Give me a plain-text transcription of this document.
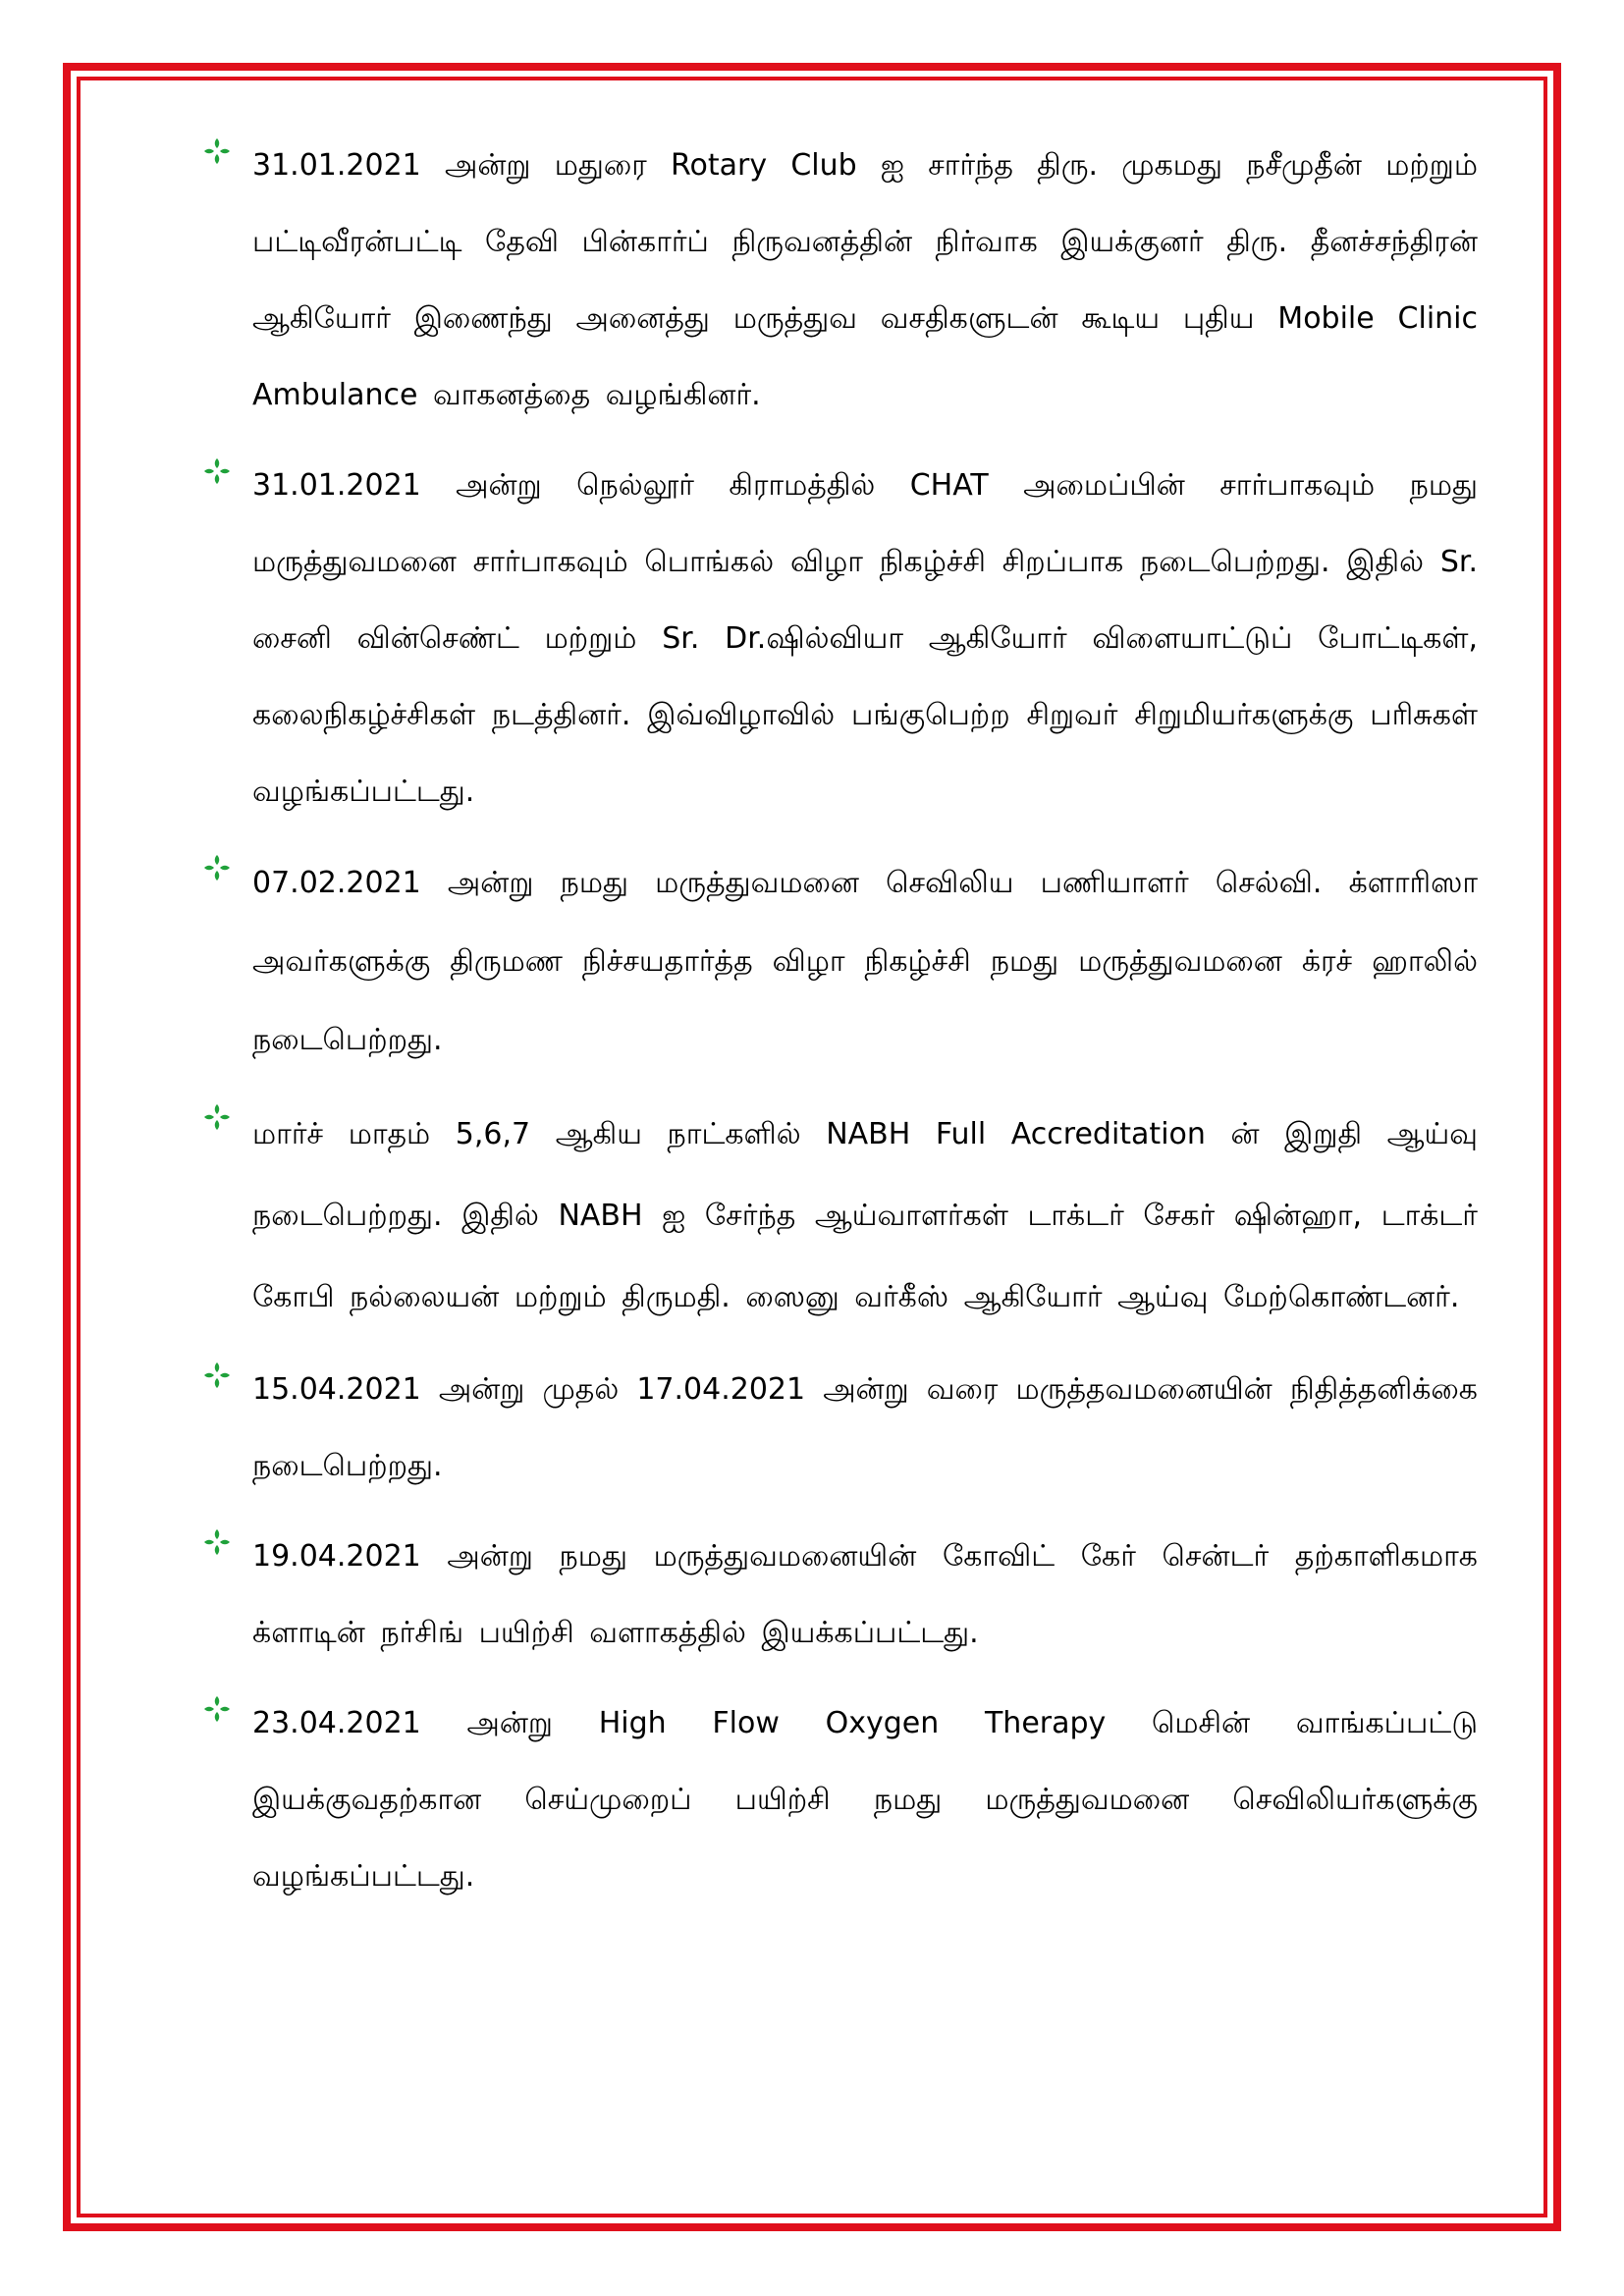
31.01.2021 அன்று மதுரை Rotary Club ஐ சார்ந்த திரு. முகமது நசீமுதீன் மற்றும் பட்டிவீரன்பட்டி தேவி பின்கார்ப் நிருவனத்தின் நிர்வாக இயக்குனர் திரு. தீனச்சந்திரன் ஆகியோர் இணைந்து அனைத்து மருத்துவ வசதிகளுடன் கூடிய புதிய Mobile Clinic Ambulance வாகனத்தை வழங்கினர்.
31.01.2021 அன்று நெல்லூர் கிராமத்தில் CHAT அமைப்பின் சார்பாகவும் நமது மருத்துவமனை சார்பாகவும் பொங்கல் விழா நிகழ்ச்சி சிறப்பாக நடைபெற்றது. இதில் Sr. சைனி வின்செண்ட் மற்றும் Sr. Dr.ஷில்வியா ஆகியோர் விளையாட்டுப் போட்டிகள், கலைநிகழ்ச்சிகள் நடத்தினர். இவ்விழாவில் பங்குபெற்ற சிறுவர் சிறுமியர்களுக்கு பரிசுகள் வழங்கப்பட்டது.
07.02.2021 அன்று நமது மருத்துவமனை செவிலிய பணியாளர் செல்வி. க்ளாரிஸா அவர்களுக்கு திருமண நிச்சயதார்த்த விழா நிகழ்ச்சி நமது மருத்துவமனை க்ரச் ஹாலில் நடைபெற்றது.
மார்ச் மாதம் 5,6,7 ஆகிய நாட்களில் NABH Full Accreditation ன் இறுதி ஆய்வு நடைபெற்றது. இதில் NABH ஐ சேர்ந்த ஆய்வாளர்கள் டாக்டர் சேகர் ஷின்ஹா, டாக்டர் கோபி நல்லையன் மற்றும் திருமதி. ஸைனு வர்கீஸ் ஆகியோர் ஆய்வு மேற்கொண்டனர்.
15.04.2021 அன்று முதல் 17.04.2021 அன்று வரை மருத்தவமனையின் நிதித்தனிக்கை நடைபெற்றது.
19.04.2021 அன்று நமது மருத்துவமனையின் கோவிட் கேர் சென்டர் தற்காளிகமாக க்ளாடின் நர்சிங் பயிற்சி வளாகத்தில் இயக்கப்பட்டது.
23.04.2021 அன்று High Flow Oxygen Therapy மெசின் வாங்கப்பட்டு இயக்குவதற்கான செய்முறைப் பயிற்சி நமது மருத்துவமனை செவிலியர்களுக்கு வழங்கப்பட்டது.
